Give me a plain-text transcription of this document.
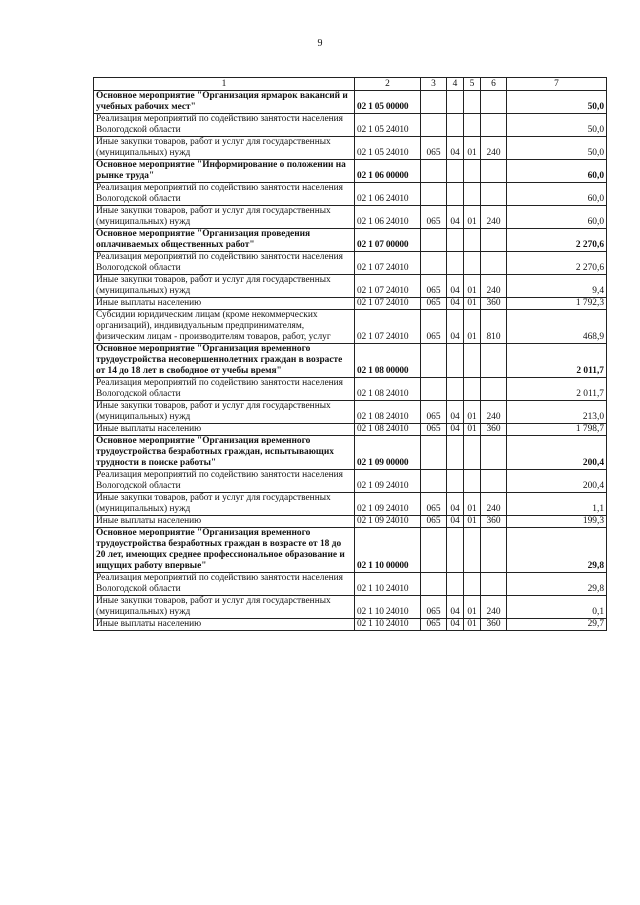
9
1	2	3	4	5	6	7
Основное мероприятие "Организация ярмарок вакансий и учебных рабочих мест"	02 1 05 00000					50,0
Реализация мероприятий по содействию занятости населения Вологодской области	02 1 05 24010					50,0
Иные закупки товаров, работ и услуг для государственных (муниципальных) нужд	02 1 05 24010	065	04	01	240	50,0
Основное мероприятие "Информирование о положении на рынке труда"	02 1 06 00000					60,0
Реализация мероприятий по содействию занятости населения Вологодской области	02 1 06 24010					60,0
Иные закупки товаров, работ и услуг для государственных (муниципальных) нужд	02 1 06 24010	065	04	01	240	60,0
Основное мероприятие "Организация проведения оплачиваемых общественных работ"	02 1 07 00000					2 270,6
Реализация мероприятий по содействию занятости населения Вологодской области	02 1 07 24010					2 270,6
Иные закупки товаров, работ и услуг для государственных (муниципальных) нужд	02 1 07 24010	065	04	01	240	9,4
Иные выплаты населению	02 1 07 24010	065	04	01	360	1 792,3
Субсидии юридическим лицам (кроме некоммерческих организаций), индивидуальным предпринимателям, физическим лицам - производителям товаров, работ, услуг	02 1 07 24010	065	04	01	810	468,9
Основное мероприятие "Организация временного трудоустройства несовершеннолетних граждан в возрасте от 14 до 18 лет в свободное от учебы время"	02 1 08 00000					2 011,7
Реализация мероприятий по содействию занятости населения Вологодской области	02 1 08 24010					2 011,7
Иные закупки товаров, работ и услуг для государственных (муниципальных) нужд	02 1 08 24010	065	04	01	240	213,0
Иные выплаты населению	02 1 08 24010	065	04	01	360	1 798,7
Основное мероприятие "Организация временного трудоустройства безработных граждан, испытывающих трудности в поиске работы"	02 1 09 00000					200,4
Реализация мероприятий по содействию занятости населения Вологодской области	02 1 09 24010					200,4
Иные закупки товаров, работ и услуг для государственных (муниципальных) нужд	02 1 09 24010	065	04	01	240	1,1
Иные выплаты населению	02 1 09 24010	065	04	01	360	199,3
Основное мероприятие "Организация временного трудоустройства безработных граждан в возрасте от 18 до 20 лет, имеющих среднее профессиональное образование и ищущих работу впервые"	02 1 10 00000					29,8
Реализация мероприятий по содействию занятости населения Вологодской области	02 1 10 24010					29,8
Иные закупки товаров, работ и услуг для государственных (муниципальных) нужд	02 1 10 24010	065	04	01	240	0,1
Иные выплаты населению	02 1 10 24010	065	04	01	360	29,7
